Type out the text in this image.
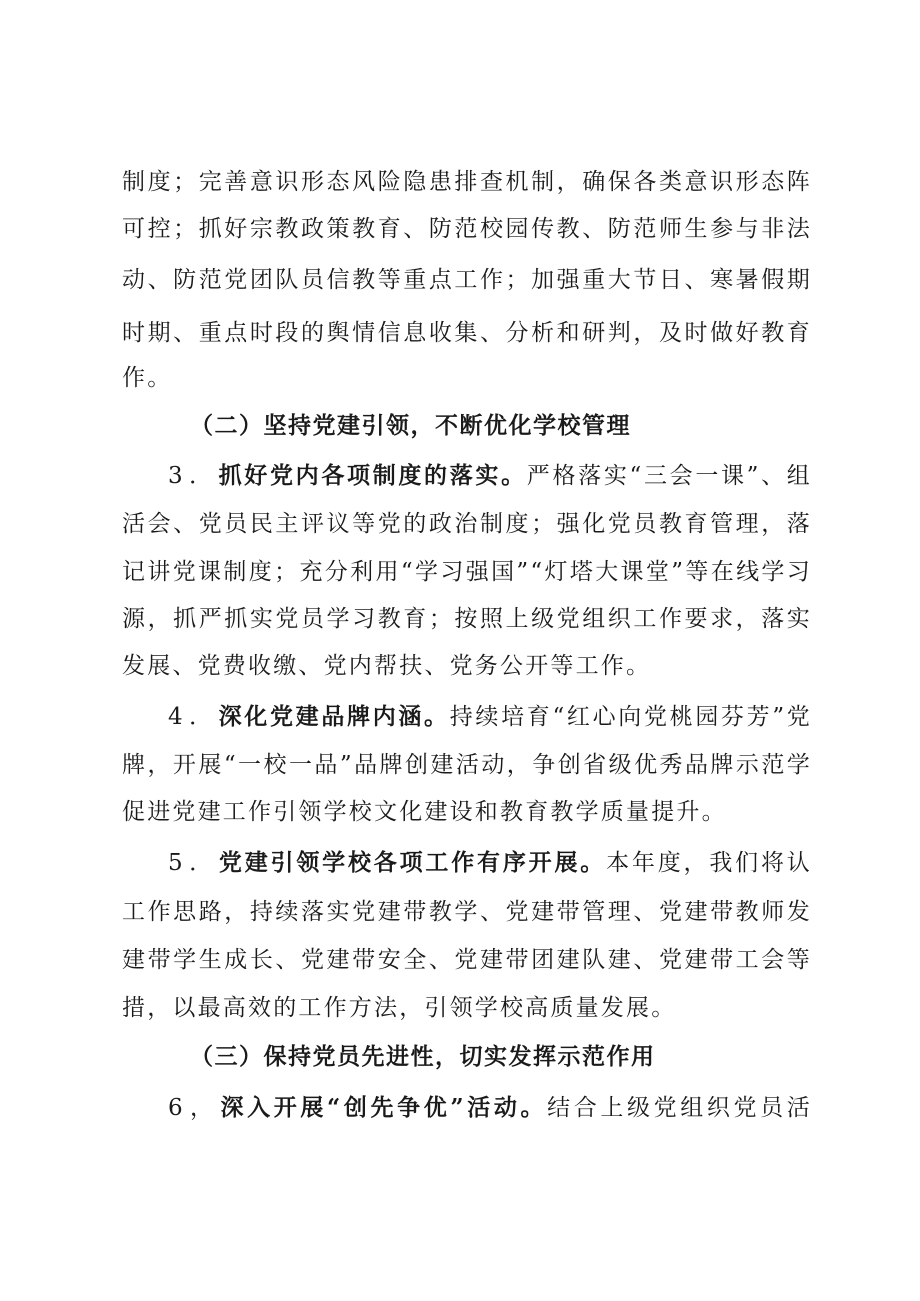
制度；完善意识形态风险隐患排查机制，确保各类意识形态阵
可控；抓好宗教政策教育、防范校园传教、防范师生参与非法
动、防范党团队员信教等重点工作；加强重大节日、寒暑假期
时期、重点时段的舆情信息收集、分析和研判，及时做好教育
作。
（二）坚持党建引领，不断优化学校管理
3．抓好党内各项制度的落实。严格落实“三会一课”、组
活会、党员民主评议等党的政治制度；强化党员教育管理，落
记讲党课制度；充分利用“学习强国”“灯塔大课堂”等在线学习
源，抓严抓实党员学习教育；按照上级党组织工作要求，落实
发展、党费收缴、党内帮扶、党务公开等工作。
4．深化党建品牌内涵。持续培育“红心向党桃园芬芳”党
牌，开展“一校一品”品牌创建活动，争创省级优秀品牌示范学
促进党建工作引领学校文化建设和教育教学质量提升。
5．党建引领学校各项工作有序开展。本年度，我们将认
工作思路，持续落实党建带教学、党建带管理、党建带教师发
建带学生成长、党建带安全、党建带团建队建、党建带工会等
措，以最高效的工作方法，引领学校高质量发展。
（三）保持党员先进性，切实发挥示范作用
6，深入开展“创先争优”活动。结合上级党组织党员活
